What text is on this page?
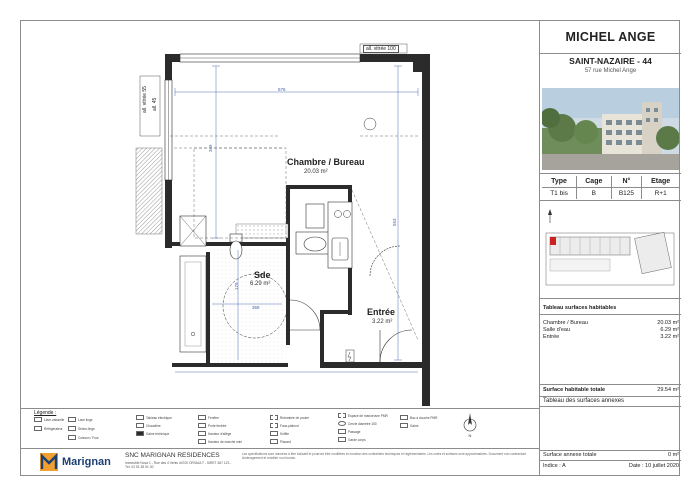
all. vitrée 100
all. vitrée 55 all. 45
Chambre / Bureau
20.03 m²
Sde
6.29 m²
Entrée
3.22 m²
576
349
553
179
369
N
Légende :
Lave-vaisselle	Lave linge
Réfrigérateur	Sèche-linge
Cuisson / Four
Tableau électrique
Chaudière
Gaine technique
Fenêtre
Porte fenêtre
Hauteur d'allège
Hauteur de marche mini
Retombée de poutre
Faux-plafond
Soffite
Placard
Espace de manoeuvre PMR
Cercle diamètre 150
Passage
Garde corps
Bac à douche PMR
Gaine
Marignan
SNC MARIGNAN RESIDENCES
Immeuble Nova 1 - Rue des 4 Vents 44700 ORVAULT - SIRET 487 123 - Tél. 02 51 83 51 00
Les spécifications sont données à titre indicatif et pourront être modifiées en fonction des contraintes techniques et réglementaires. Les cotes et surfaces sont approximatives. Document non contractuel. Aménagement et mobilier non fournis.
MICHEL ANGE
SAINT-NAZAIRE - 44
57 rue Michel Ange
Type	Cage	N°	Etage
T1 bis	B	B125	R+1
Tableau surfaces habitables
Chambre / Bureau	20.03 m²
Salle d'eau	6.29 m²
Entrée	3.22 m²
Surface habitable totale	29.54 m²
Tableau des surfaces annexes
Surface annexe totale	0 m²
Indice : A	Date : 10 juillet 2020
